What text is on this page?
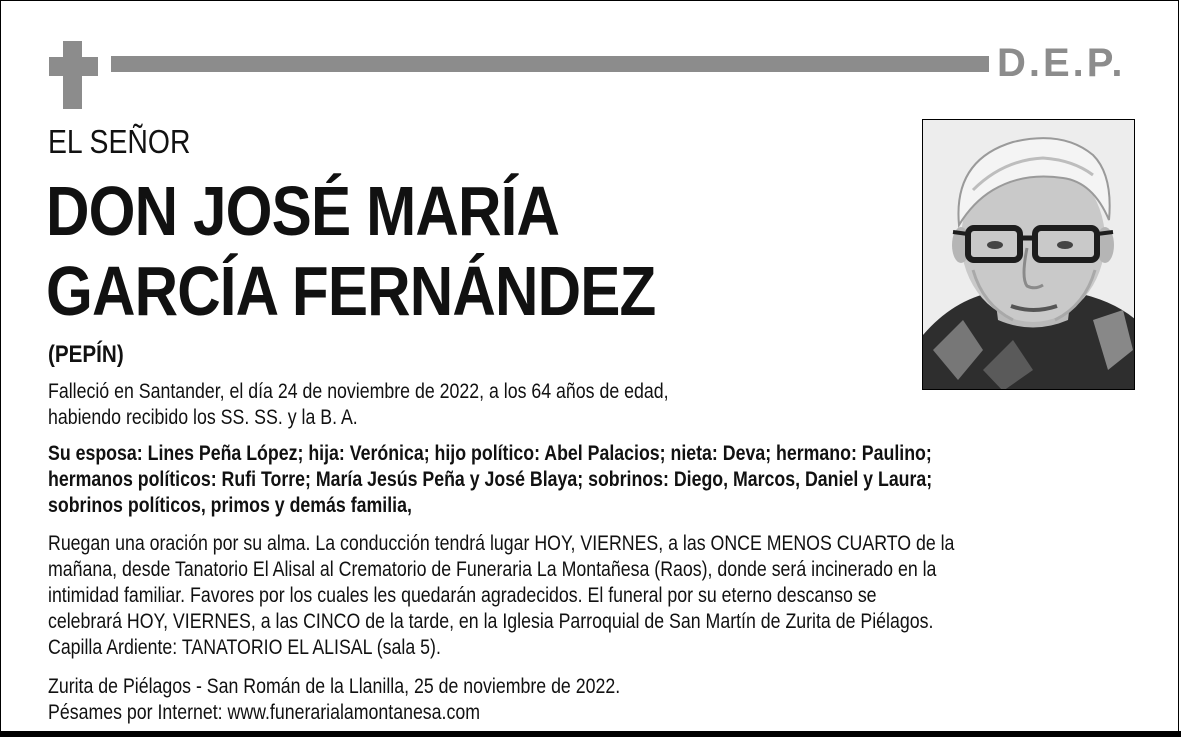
D.E.P.
EL SEÑOR
DON JOSÉ MARÍA
GARCÍA FERNÁNDEZ
(PEPÍN)
Falleció en Santander, el día 24 de noviembre de 2022, a los 64 años de edad,
habiendo recibido los SS. SS. y la B. A.
Su esposa: Lines Peña López; hija: Verónica; hijo político: Abel Palacios; nieta: Deva; hermano: Paulino;
hermanos políticos: Rufi Torre; María Jesús Peña y José Blaya; sobrinos: Diego, Marcos, Daniel y Laura;
sobrinos políticos, primos y demás familia,
Ruegan una oración por su alma. La conducción tendrá lugar HOY, VIERNES, a las ONCE MENOS CUARTO de la
mañana, desde Tanatorio El Alisal al Crematorio de Funeraria La Montañesa (Raos), donde será incinerado en la
intimidad familiar. Favores por los cuales les quedarán agradecidos. El funeral por su eterno descanso se
celebrará HOY, VIERNES, a las CINCO de la tarde, en la Iglesia Parroquial de San Martín de Zurita de Piélagos.
Capilla Ardiente: TANATORIO EL ALISAL (sala 5).
Zurita de Piélagos - San Román de la Llanilla, 25 de noviembre de 2022.
Pésames por Internet: www.funerarialamontanesa.com
